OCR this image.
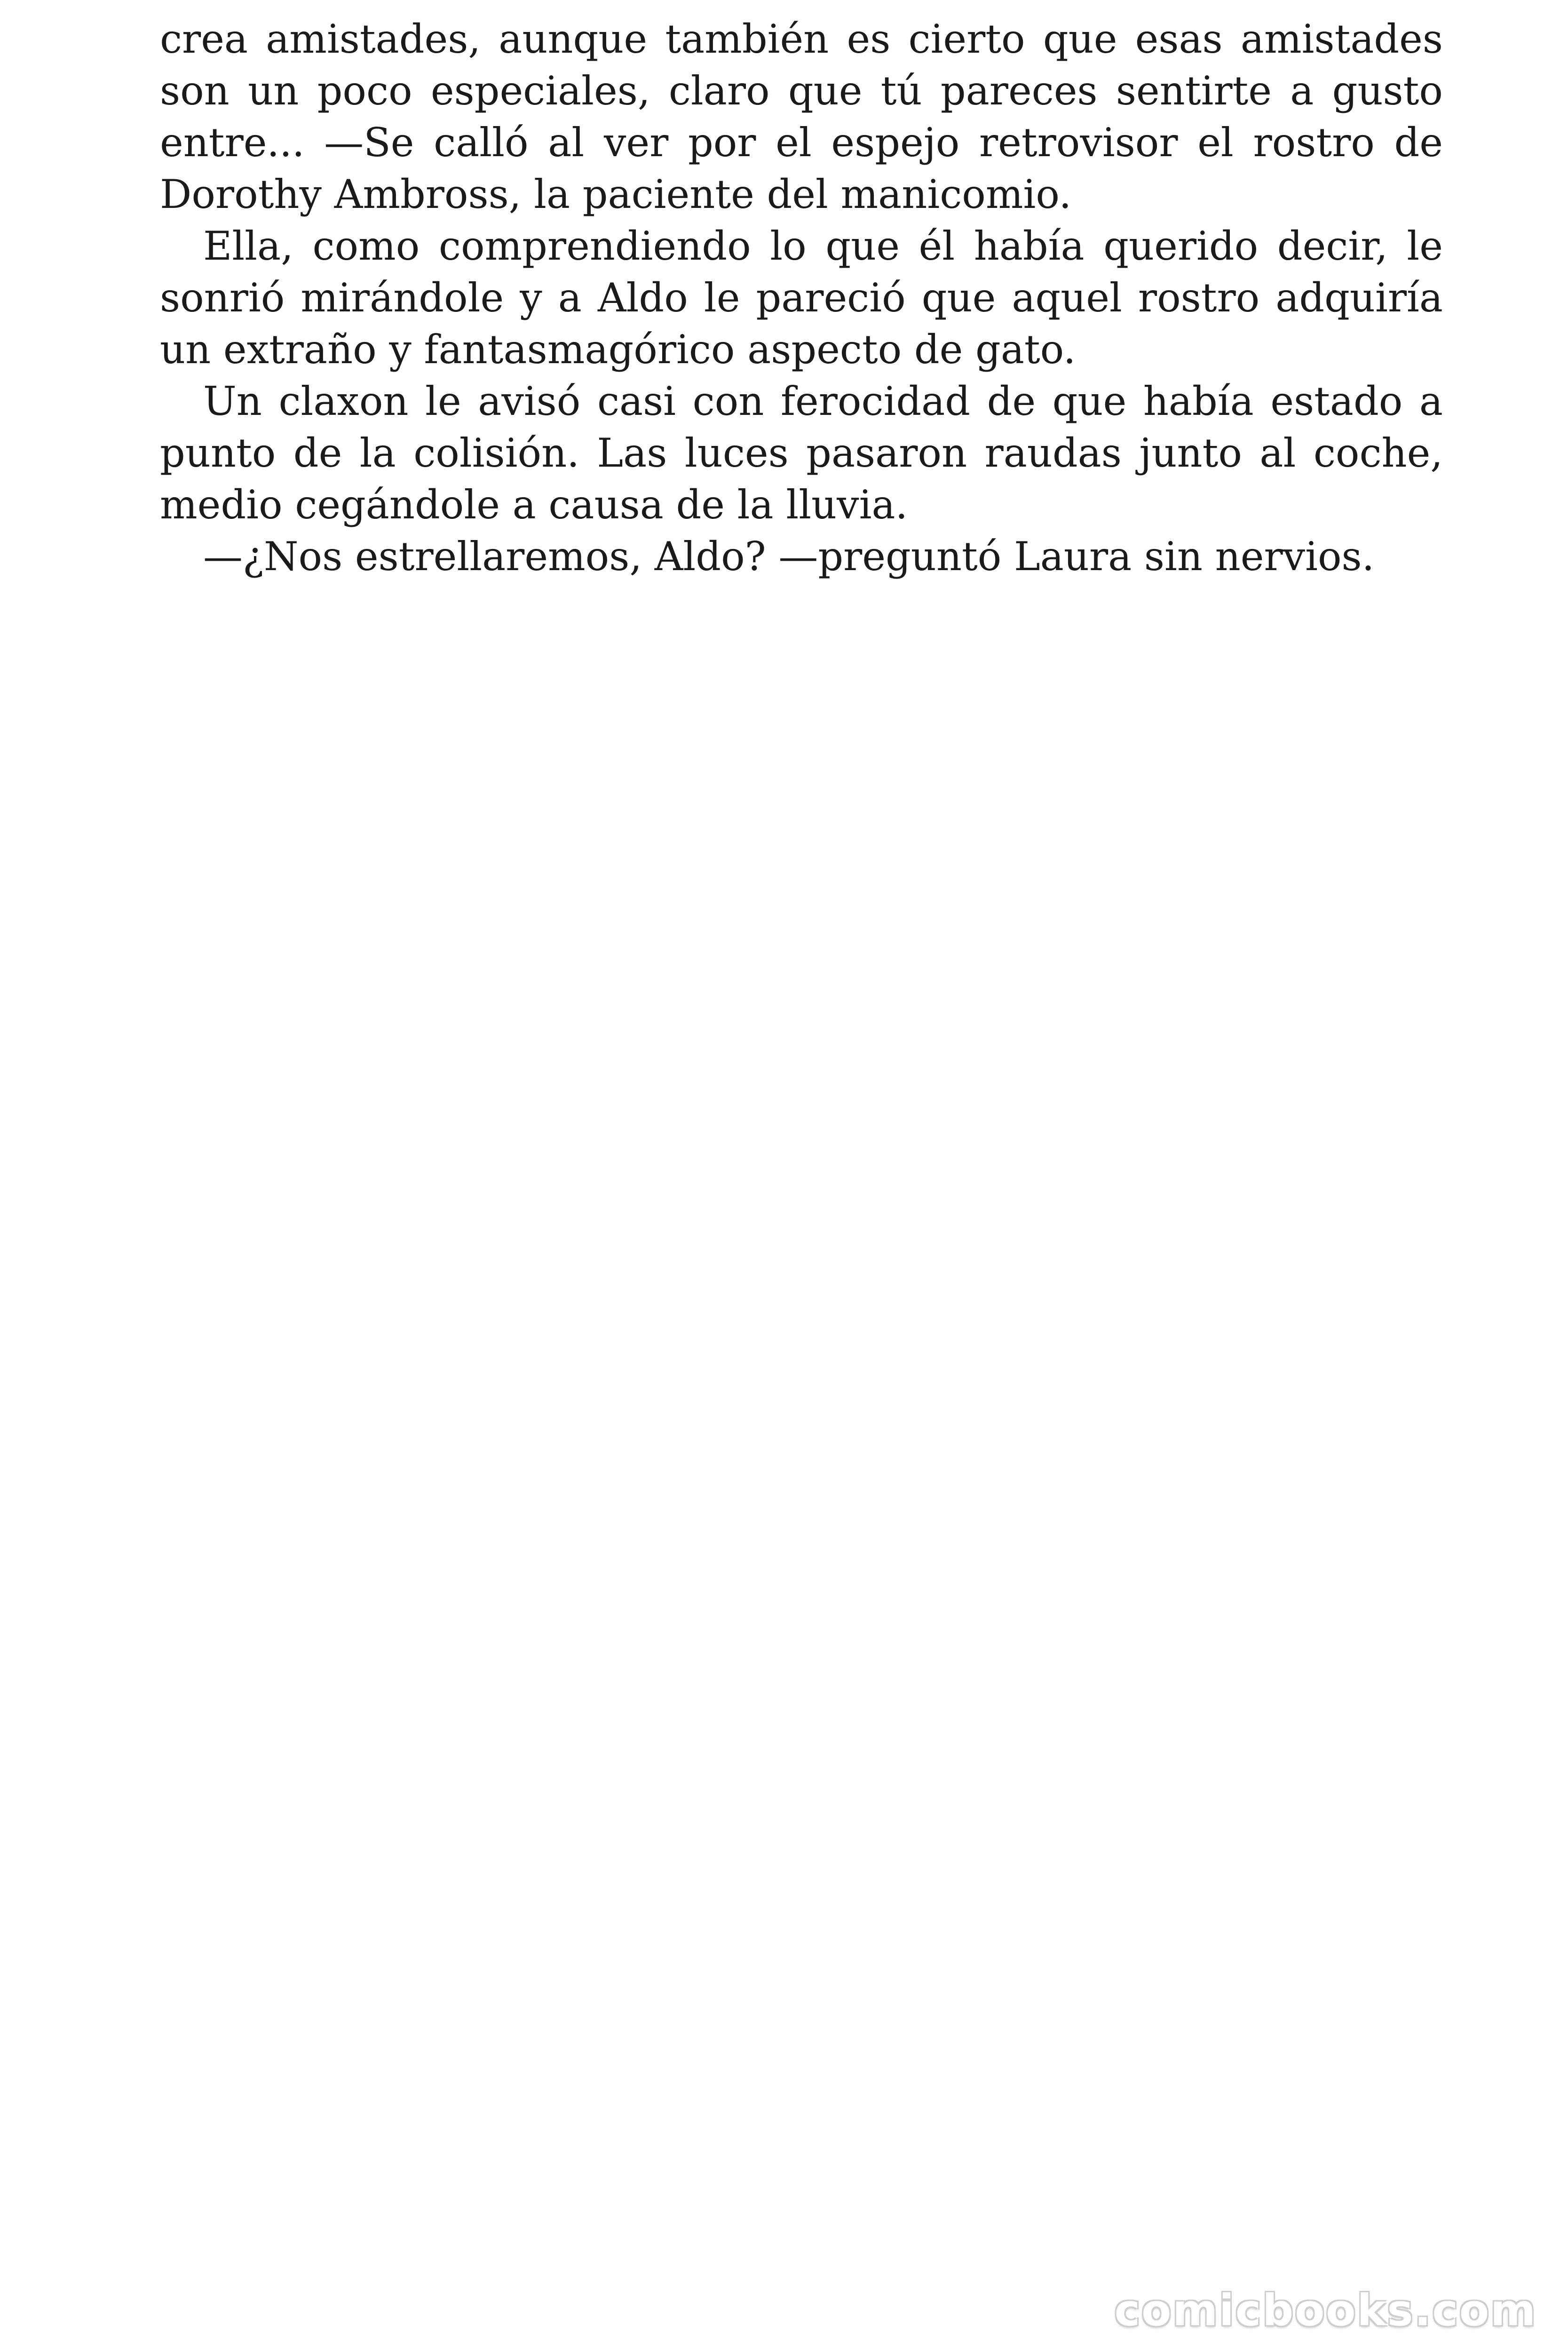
crea amistades, aunque también es cierto que esas amistades son un poco especiales, claro que tú pareces sentirte a gusto entre... —Se calló al ver por el espejo retrovisor el rostro de Dorothy Ambross, la paciente del manicomio.

Ella, como comprendiendo lo que él había querido decir, le sonrió mirándole y a Aldo le pareció que aquel rostro adquiría un extraño y fantasmagórico aspecto de gato.

Un claxon le avisó casi con ferocidad de que había estado a punto de la colisión. Las luces pasaron raudas junto al coche, medio cegándole a causa de la lluvia.

—¿Nos estrellaremos, Aldo? —preguntó Laura sin nervios.

comicbooks.com
